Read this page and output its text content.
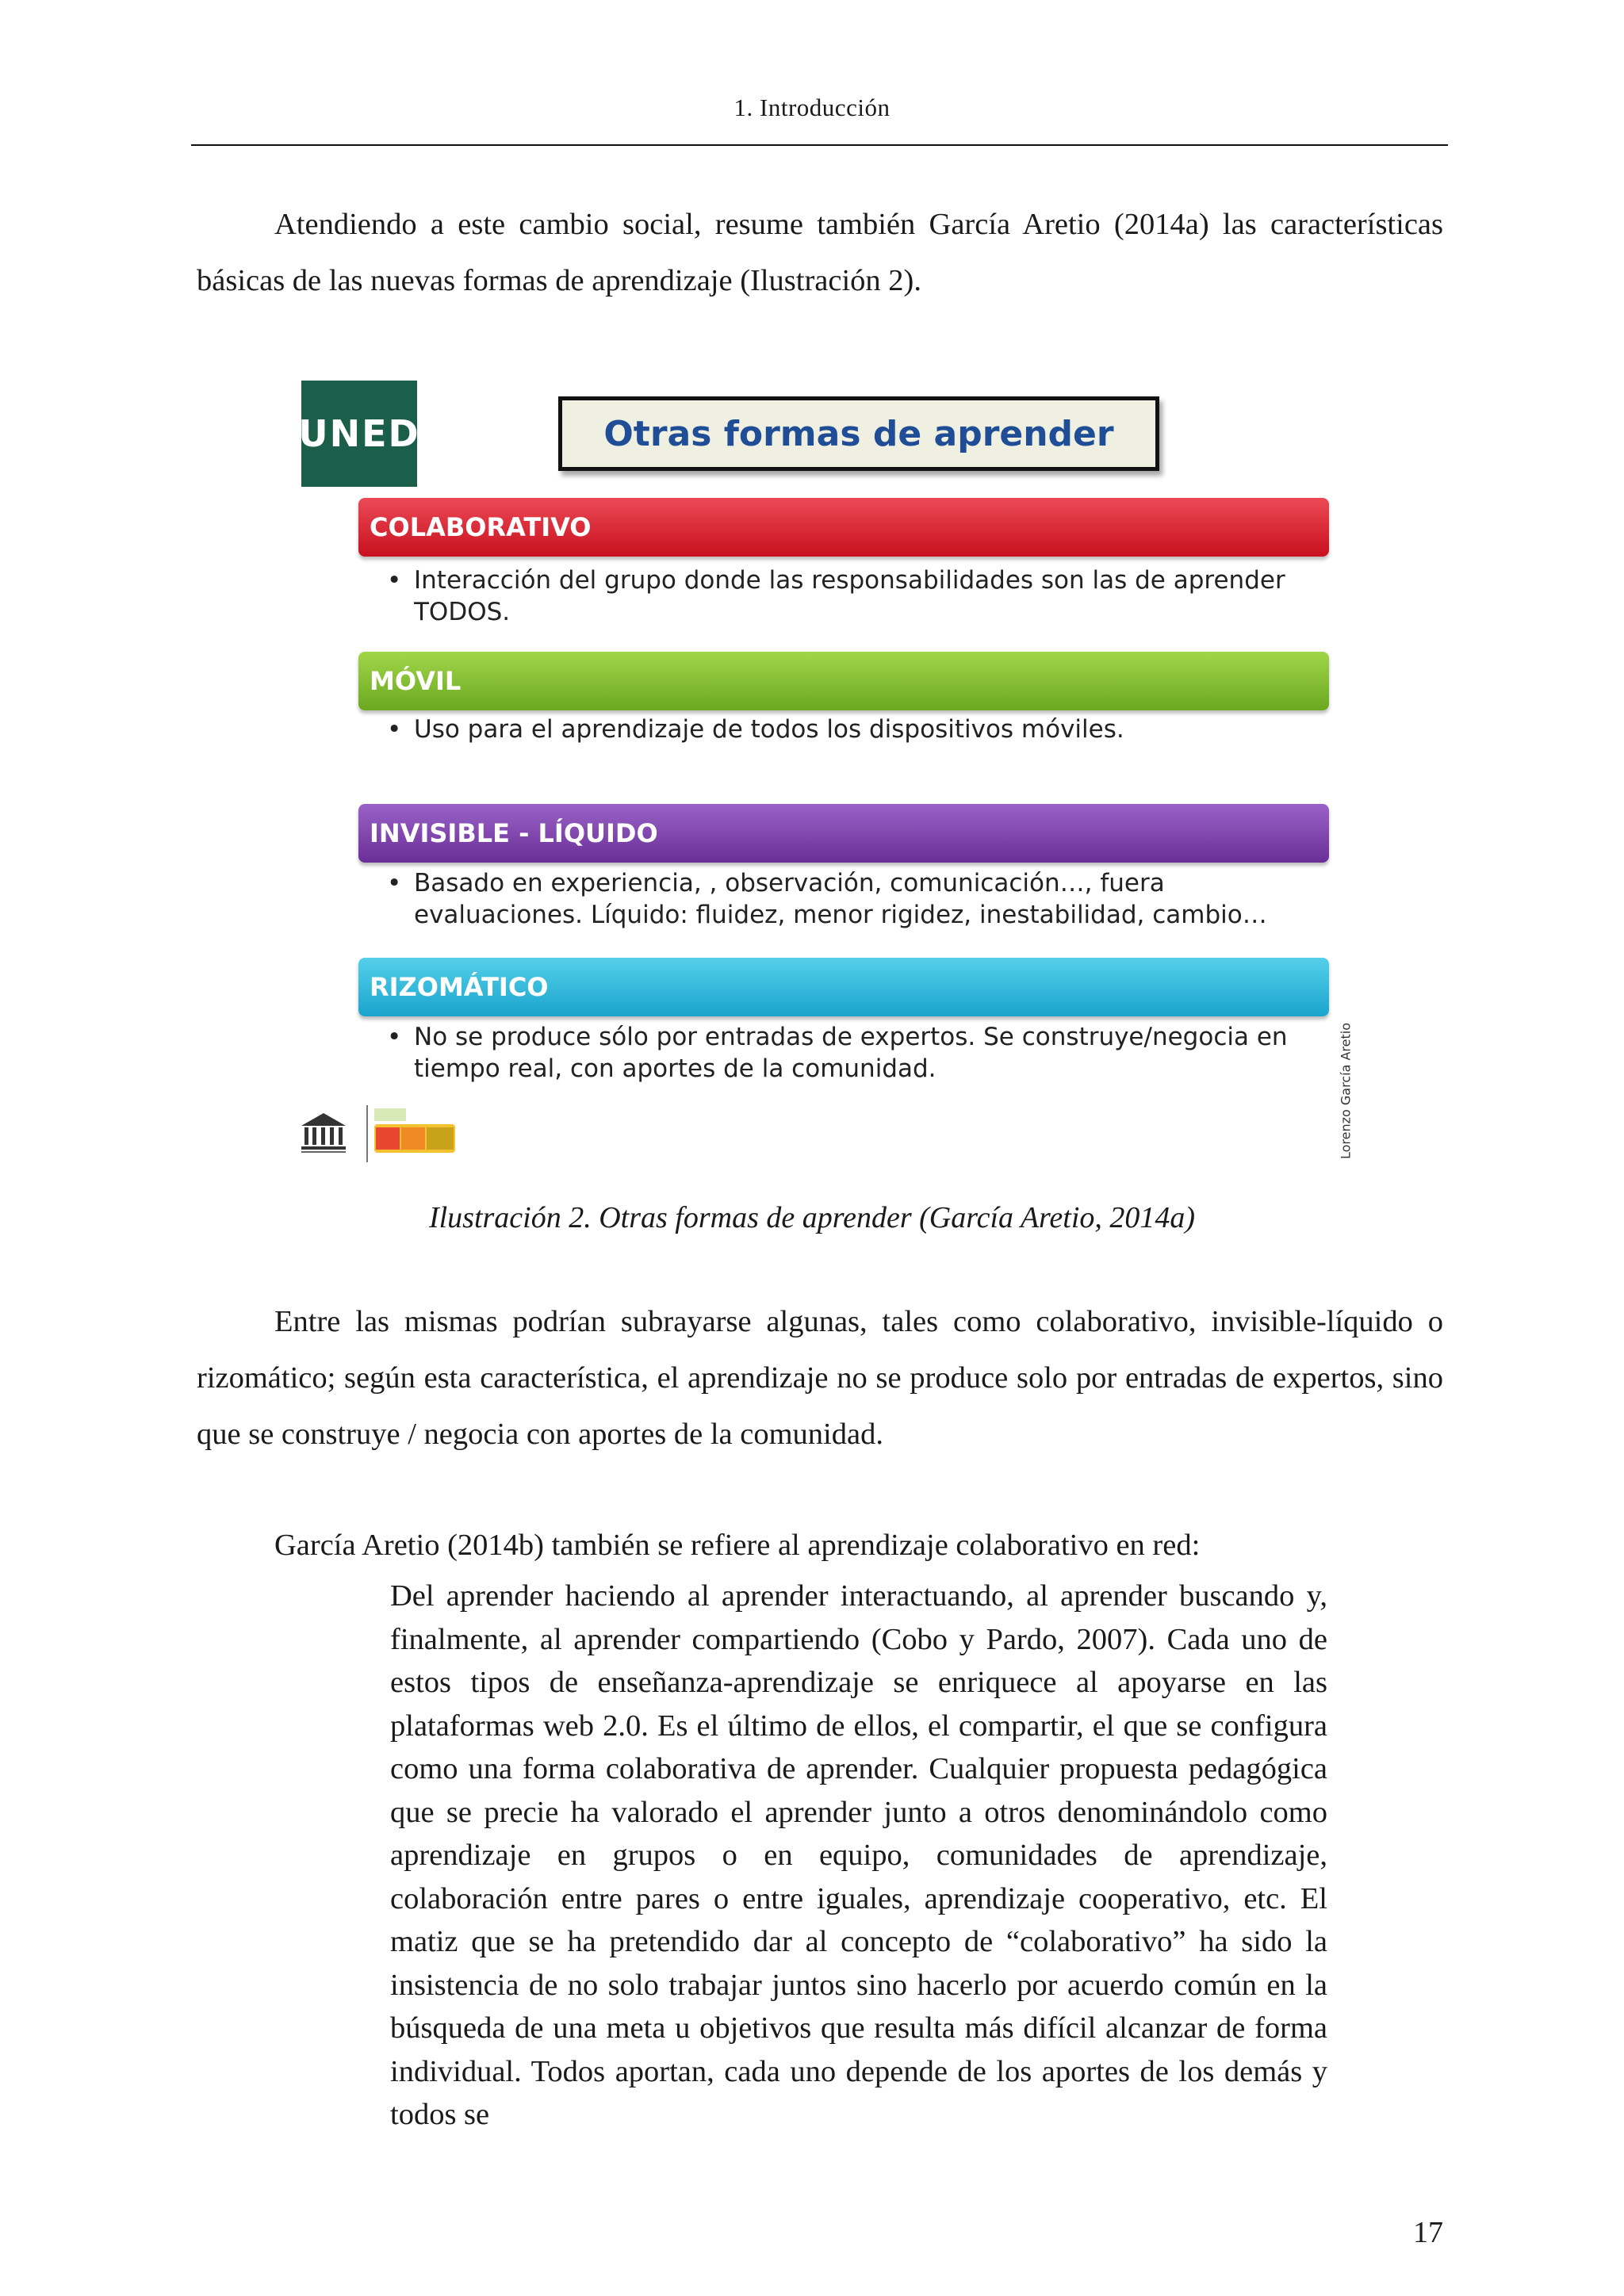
1. Introducción

Atendiendo a este cambio social, resume también García Aretio (2014a) las características básicas de las nuevas formas de aprendizaje (Ilustración 2).

UNED	Otras formas de aprender
COLABORATIVO
• Interacción del grupo donde las responsabilidades son las de aprender TODOS.
MÓVIL
• Uso para el aprendizaje de todos los dispositivos móviles.
INVISIBLE - LÍQUIDO
• Basado en experiencia, , observación, comunicación…, fuera evaluaciones. Líquido: fluidez, menor rigidez, inestabilidad, cambio…
RIZOMÁTICO
• No se produce sólo por entradas de expertos. Se construye/negocia en tiempo real, con aportes de la comunidad.	Lorenzo García Aretio
Ilustración 2. Otras formas de aprender (García Aretio, 2014a)

Entre las mismas podrían subrayarse algunas, tales como colaborativo, invisible-líquido o rizomático; según esta característica, el aprendizaje no se produce solo por entradas de expertos, sino que se construye / negocia con aportes de la comunidad.

García Aretio (2014b) también se refiere al aprendizaje colaborativo en red:

Del aprender haciendo al aprender interactuando, al aprender buscando y, finalmente, al aprender compartiendo (Cobo y Pardo, 2007). Cada uno de estos tipos de enseñanza-aprendizaje se enriquece al apoyarse en las plataformas web 2.0. Es el último de ellos, el compartir, el que se configura como una forma colaborativa de aprender. Cualquier propuesta pedagógica que se precie ha valorado el aprender junto a otros denominándolo como aprendizaje en grupos o en equipo, comunidades de aprendizaje, colaboración entre pares o entre iguales, aprendizaje cooperativo, etc. El matiz que se ha pretendido dar al concepto de “colaborativo” ha sido la insistencia de no solo trabajar juntos sino hacerlo por acuerdo común en la búsqueda de una meta u objetivos que resulta más difícil alcanzar de forma individual. Todos aportan, cada uno depende de los aportes de los demás y todos se

17
